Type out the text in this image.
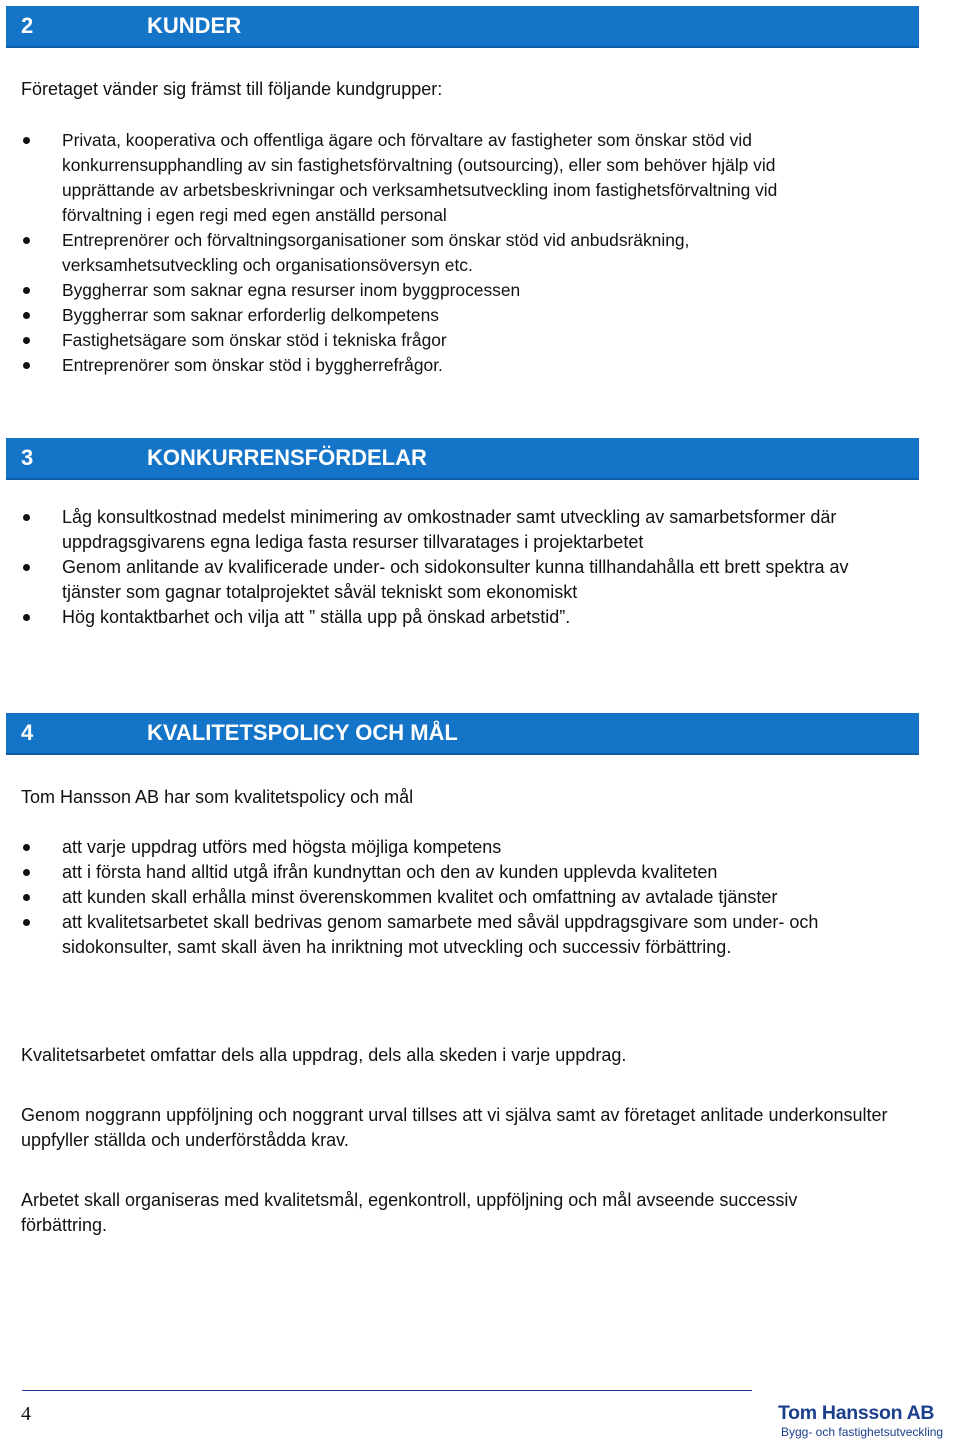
2	KUNDER

Företaget vänder sig främst till följande kundgrupper:

Privata, kooperativa och offentliga ägare och förvaltare av fastigheter som önskar stöd vid konkurrensupphandling av sin fastighetsförvaltning (outsourcing), eller som behöver hjälp vid upprättande av arbetsbeskrivningar och verksamhetsutveckling inom fastighetsförvaltning vid förvaltning i egen regi med egen anställd personal
Entreprenörer och förvaltningsorganisationer som önskar stöd vid anbudsräkning, verksamhetsutveckling och organisationsöversyn etc.
Byggherrar som saknar egna resurser inom byggprocessen
Byggherrar som saknar erforderlig delkompetens
Fastighetsägare som önskar stöd i tekniska frågor
Entreprenörer som önskar stöd i byggherrefrågor.
3	KONKURRENSFÖRDELAR
Låg konsultkostnad medelst minimering av omkostnader samt utveckling av samarbetsformer där uppdragsgivarens egna lediga fasta resurser tillvaratages i projektarbetet
Genom anlitande av kvalificerade under- och sidokonsulter kunna tillhandahålla ett brett spektra av tjänster som gagnar totalprojektet såväl tekniskt som ekonomiskt
Hög kontaktbarhet och vilja att ” ställa upp på önskad arbetstid”.
4	KVALITETSPOLICY OCH MÅL

Tom Hansson AB har som kvalitetspolicy och mål

att varje uppdrag utförs med högsta möjliga kompetens
att i första hand alltid utgå ifrån kundnyttan och den av kunden upplevda kvaliteten
att kunden skall erhålla minst överenskommen kvalitet och omfattning av avtalade tjänster
att kvalitetsarbetet skall bedrivas genom samarbete med såväl uppdragsgivare som under- och sidokonsulter, samt skall även ha inriktning mot utveckling och successiv förbättring.

Kvalitetsarbetet omfattar dels alla uppdrag, dels alla skeden i varje uppdrag.

Genom noggrann uppföljning och noggrant urval tillses att vi själva samt av företaget anlitade underkonsulter uppfyller ställda och underförstådda krav.

Arbetet skall organiseras med kvalitetsmål, egenkontroll, uppföljning och mål avseende successiv förbättring.

4	Tom Hansson AB
Bygg- och fastighetsutveckling
